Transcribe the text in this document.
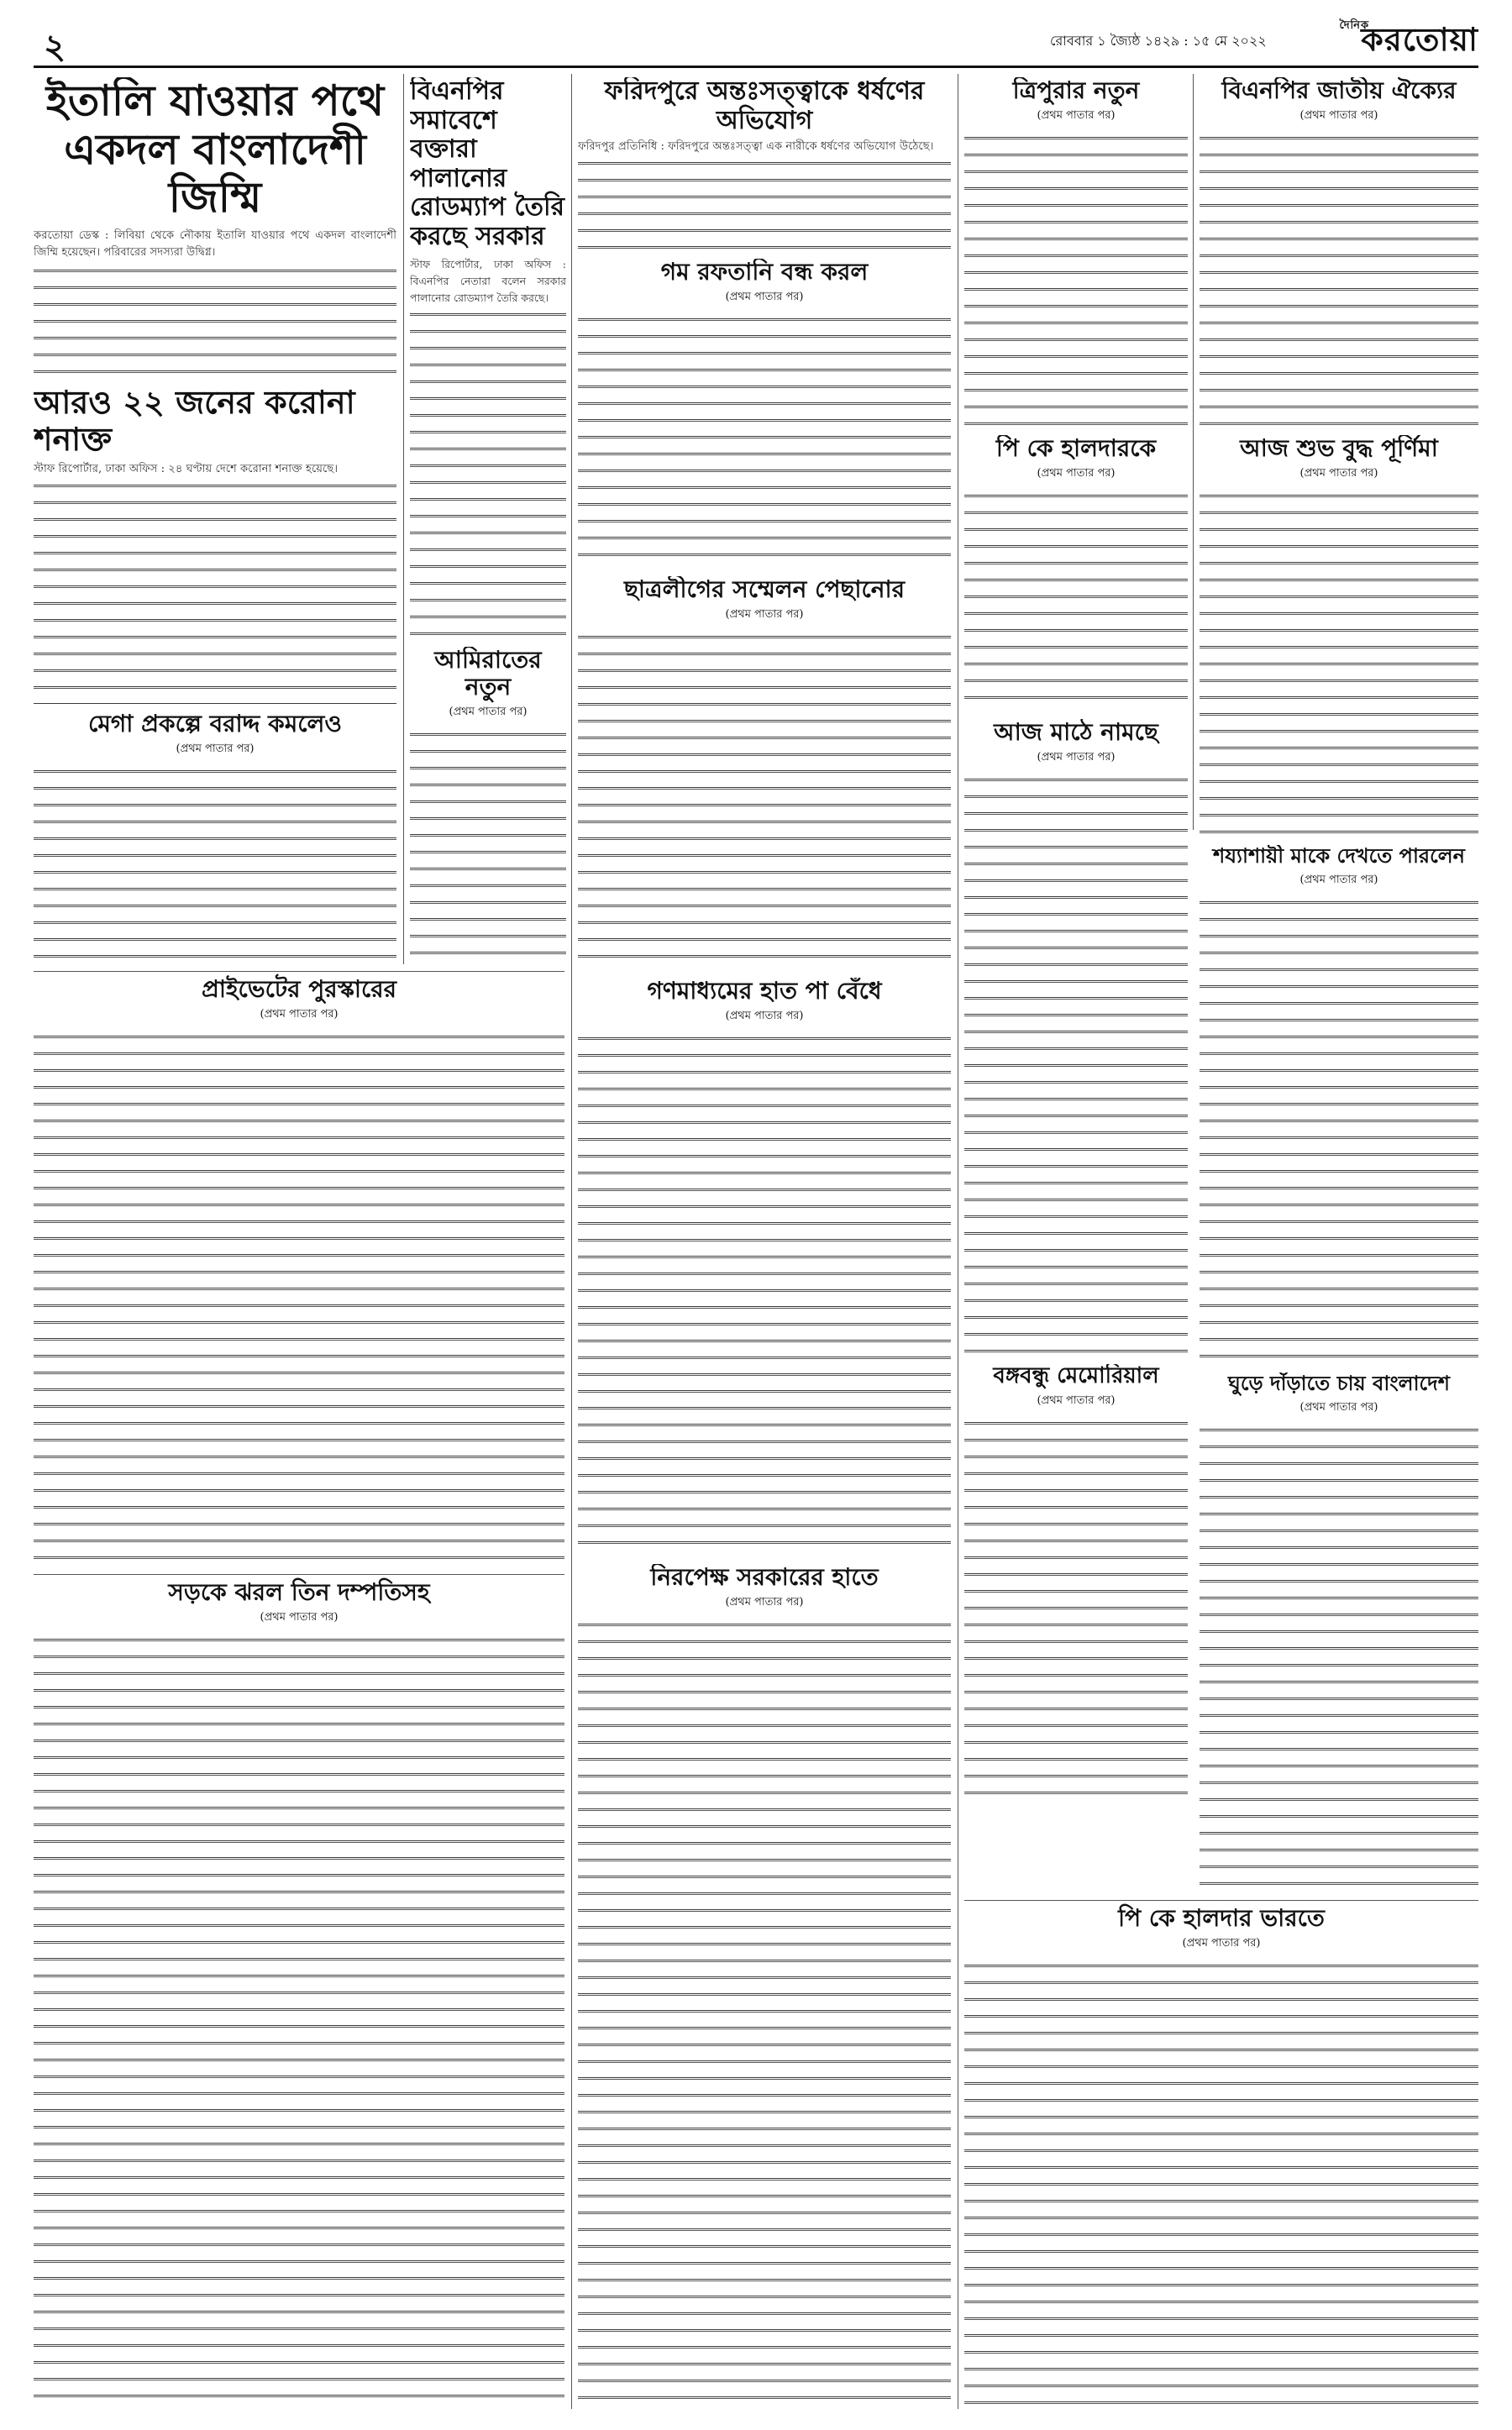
২	রোববার ১ জ্যৈষ্ঠ ১৪২৯ : ১৫ মে ২০২২
দৈনিক
করতোয়া
ইতালি যাওয়ার পথে একদল বাংলাদেশী জিম্মি
করতোয়া ডেস্ক : লিবিয়া থেকে নৌকায় ইতালি যাওয়ার পথে একদল বাংলাদেশী জিম্মি হয়েছেন। পরিবারের সদস্যরা উদ্বিগ্ন।
আরও ২২ জনের করোনা শনাক্ত
স্টাফ রিপোর্টার, ঢাকা অফিস : ২৪ ঘণ্টায় দেশে করোনা শনাক্ত হয়েছে।
মেগা প্রকল্পে বরাদ্দ কমলেও
(প্রথম পাতার পর)
বিএনপির সমাবেশে বক্তারা পালানোর রোডম্যাপ তৈরি করছে সরকার
স্টাফ রিপোর্টার, ঢাকা অফিস : বিএনপির নেতারা বলেন সরকার পালানোর রোডম্যাপ তৈরি করছে।
আমিরাতের নতুন
(প্রথম পাতার পর)
ফরিদপুরে অন্তঃসত্ত্বাকে ধর্ষণের অভিযোগ
ফরিদপুর প্রতিনিধি : ফরিদপুরে অন্তঃসত্ত্বা এক নারীকে ধর্ষণের অভিযোগ উঠেছে।
গম রফতানি বন্ধ করল
(প্রথম পাতার পর)
ছাত্রলীগের সম্মেলন পেছানোর
(প্রথম পাতার পর)
ত্রিপুরার নতুন
(প্রথম পাতার পর)
পি কে হালদারকে
(প্রথম পাতার পর)
আজ মাঠে নামছে
(প্রথম পাতার পর)
বঙ্গবন্ধু মেমোরিয়াল
(প্রথম পাতার পর)
বিএনপির জাতীয় ঐক্যের
(প্রথম পাতার পর)
আজ শুভ বুদ্ধ পূর্ণিমা
(প্রথম পাতার পর)
শয্যাশায়ী মাকে দেখতে পারলেন
(প্রথম পাতার পর)
ঘুড়ে দাঁড়াতে চায় বাংলাদেশ
(প্রথম পাতার পর)
পি কে হালদার ভারতে
(প্রথম পাতার পর)
গণমাধ্যমের হাত পা বেঁধে
(প্রথম পাতার পর)
নিরপেক্ষ সরকারের হাতে
(প্রথম পাতার পর)
প্রাইভেটের পুরস্কারের
(প্রথম পাতার পর)
সড়কে ঝরল তিন দম্পতিসহ
(প্রথম পাতার পর)
